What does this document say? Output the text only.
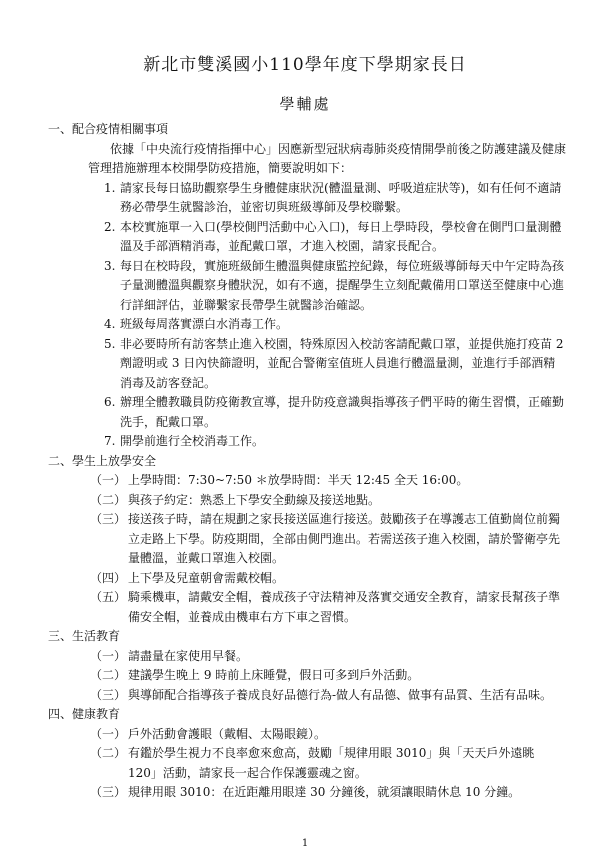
新北市雙溪國小110學年度下學期家長日
學輔處
一、配合疫情相關事項
依據「中央流行疫情指揮中心」因應新型冠狀病毒肺炎疫情開學前後之防護建議及健康管理措施辦理本校開學防疫措施，簡要說明如下：
1. 請家長每日協助觀察學生身體健康狀況(體溫量測、呼吸道症狀等)，如有任何不適請務必帶學生就醫診治，並密切與班級導師及學校聯繫。
2. 本校實施單一入口(學校側門活動中心入口)，每日上學時段，學校會在側門口量測體溫及手部酒精消毒，並配戴口罩，才進入校園，請家長配合。
3. 每日在校時段，實施班級師生體溫與健康監控紀錄，每位班級導師每天中午定時為孩子量測體溫與觀察身體狀況，如有不適，提醒學生立刻配戴備用口罩送至健康中心進行詳細評估，並聯繫家長帶學生就醫診治確認。
4. 班級每周落實漂白水消毒工作。
5. 非必要時所有訪客禁止進入校園，特殊原因入校訪客請配戴口罩，並提供施打疫苗 2 劑證明或 3 日內快篩證明，並配合警衛室值班人員進行體溫量測，並進行手部酒精消毒及訪客登記。
6. 辦理全體教職員防疫衛教宣導，提升防疫意識與指導孩子們平時的衛生習慣，正確勤洗手，配戴口罩。
7. 開學前進行全校消毒工作。
二、學生上放學安全
（一） 上學時間：7:30~7:50 ＊放學時間：半天 12:45 全天 16:00。
（二） 與孩子約定：熟悉上下學安全動線及接送地點。
（三） 接送孩子時，請在規劃之家長接送區進行接送。鼓勵孩子在導護志工值勤崗位前獨立走路上下學。防疫期間，全部由側門進出。若需送孩子進入校園，請於警衛亭先量體溫，並戴口罩進入校園。
（四） 上下學及兒童朝會需戴校帽。
（五） 騎乘機車，請戴安全帽，養成孩子守法精神及落實交通安全教育，請家長幫孩子準備安全帽，並養成由機車右方下車之習慣。
三、生活教育
（一） 請盡量在家使用早餐。
（二） 建議學生晚上 9 時前上床睡覺，假日可多到戶外活動。
（三） 與導師配合指導孩子養成良好品德行為-做人有品德、做事有品質、生活有品味。
四、健康教育
（一） 戶外活動會護眼（戴帽、太陽眼鏡）。
（二） 有鑑於學生視力不良率愈來愈高，鼓勵「規律用眼 3010」與「天天戶外遠眺 120」活動，請家長一起合作保護靈魂之窗。
（三） 規律用眼 3010：在近距離用眼達 30 分鐘後，就須讓眼睛休息 10 分鐘。
1
